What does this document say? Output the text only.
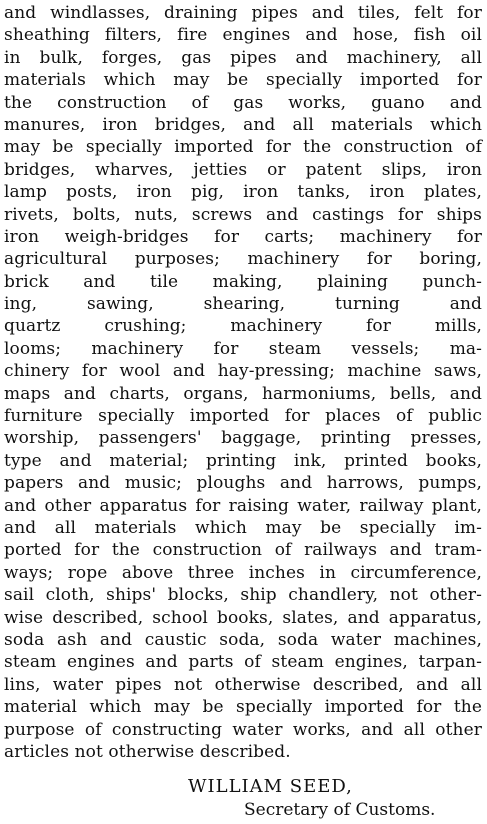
and windlasses, draining pipes and tiles, felt for
sheathing filters, fire engines and hose, fish oil
in bulk, forges, gas pipes and machinery, all
materials which may be specially imported for
the construction of gas works, guano and
manures, iron bridges, and all materials which
may be specially imported for the construction of
bridges, wharves, jetties or patent slips, iron
lamp posts, iron pig, iron tanks, iron plates,
rivets, bolts, nuts, screws and castings for ships
iron weigh-bridges for carts; machinery for
agricultural purposes; machinery for boring,
brick and tile making, plaining punch-
ing, sawing, shearing, turning and
quartz crushing; machinery for mills,
looms; machinery for steam vessels; ma-
chinery for wool and hay-pressing; machine saws,
maps and charts, organs, harmoniums, bells, and
furniture specially imported for places of public
worship, passengers' baggage, printing presses,
type and material; printing ink, printed books,
papers and music; ploughs and harrows, pumps,
and other apparatus for raising water, railway plant,
and all materials which may be specially im-
ported for the construction of railways and tram-
ways; rope above three inches in circumference,
sail cloth, ships' blocks, ship chandlery, not other-
wise described, school books, slates, and apparatus,
soda ash and caustic soda, soda water machines,
steam engines and parts of steam engines, tarpan-
lins, water pipes not otherwise described, and all
material which may be specially imported for the
purpose of constructing water works, and all other
articles not otherwise described.
WILLIAM SEED,
Secretary of Customs.
